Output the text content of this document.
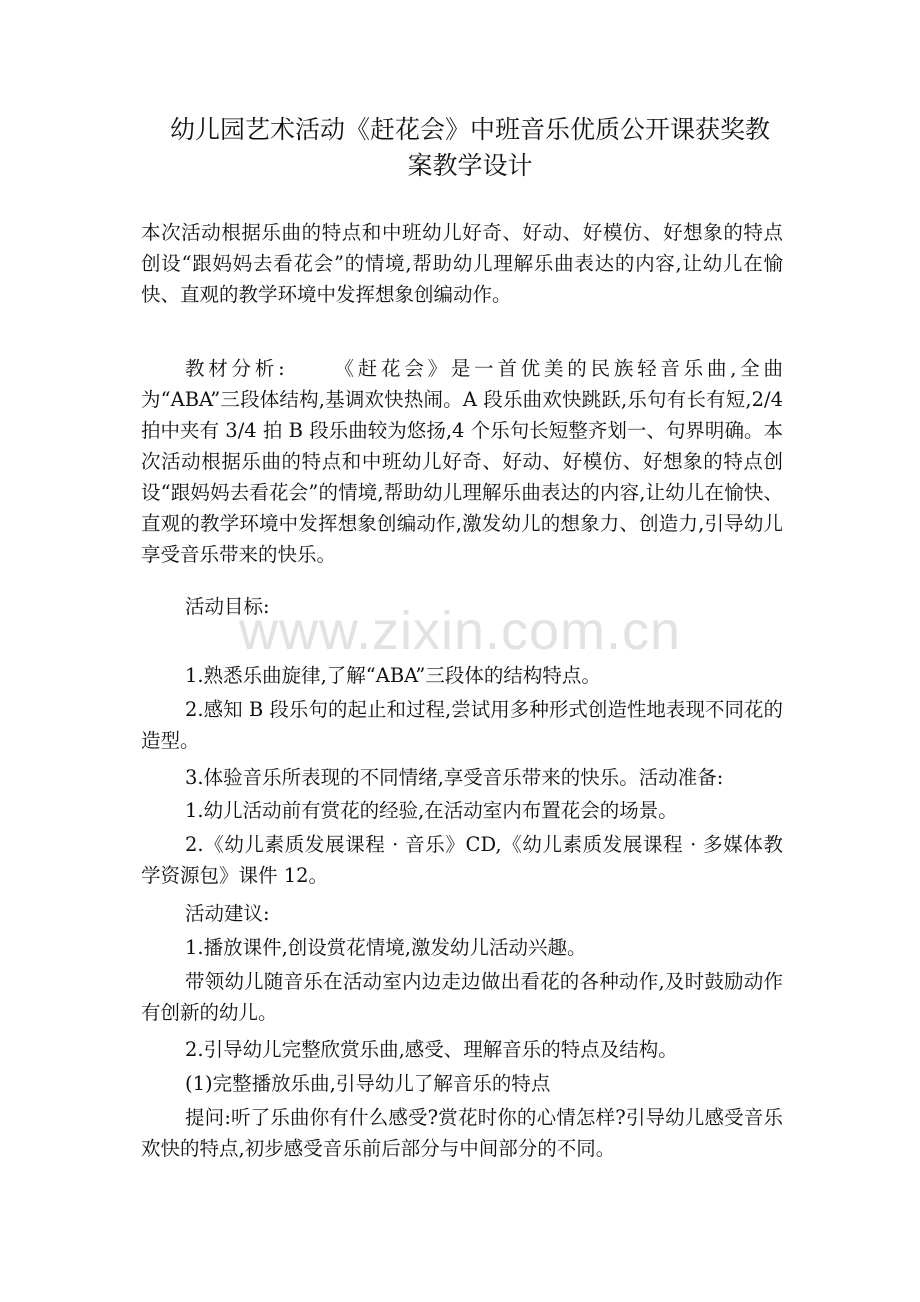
幼儿园艺术活动《赶花会》中班音乐优质公开课获奖教
案教学设计

本次活动根据乐曲的特点和中班幼儿好奇、好动、好模仿、好想象的特点创设“跟妈妈去看花会”的情境,帮助幼儿理解乐曲表达的内容,让幼儿在愉快、直观的教学环境中发挥想象创编动作。

教材分析: 《赶花会》是一首优美的民族轻音乐曲,全曲为“ABA”三段体结构,基调欢快热闹。A 段乐曲欢快跳跃,乐句有长有短,2/4 拍中夹有 3/4 拍 B 段乐曲较为悠扬,4 个乐句长短整齐划一、句界明确。本次活动根据乐曲的特点和中班幼儿好奇、好动、好模仿、好想象的特点创设“跟妈妈去看花会”的情境,帮助幼儿理解乐曲表达的内容,让幼儿在愉快、直观的教学环境中发挥想象创编动作,激发幼儿的想象力、创造力,引导幼儿享受音乐带来的快乐。

活动目标:

www.zixin.com.cn

1.熟悉乐曲旋律,了解“ABA”三段体的结构特点。

2.感知 B 段乐句的起止和过程,尝试用多种形式创造性地表现不同花的造型。

3.体验音乐所表现的不同情绪,享受音乐带来的快乐。活动准备:

1.幼儿活动前有赏花的经验,在活动室内布置花会的场景。

2.《幼儿素质发展课程 · 音乐》CD,《幼儿素质发展课程 · 多媒体教学资源包》课件 12。

活动建议:

1.播放课件,创设赏花情境,激发幼儿活动兴趣。

带领幼儿随音乐在活动室内边走边做出看花的各种动作,及时鼓励动作有创新的幼儿。

2.引导幼儿完整欣赏乐曲,感受、理解音乐的特点及结构。

(1)完整播放乐曲,引导幼儿了解音乐的特点

提问:听了乐曲你有什么感受?赏花时你的心情怎样?引导幼儿感受音乐欢快的特点,初步感受音乐前后部分与中间部分的不同。
